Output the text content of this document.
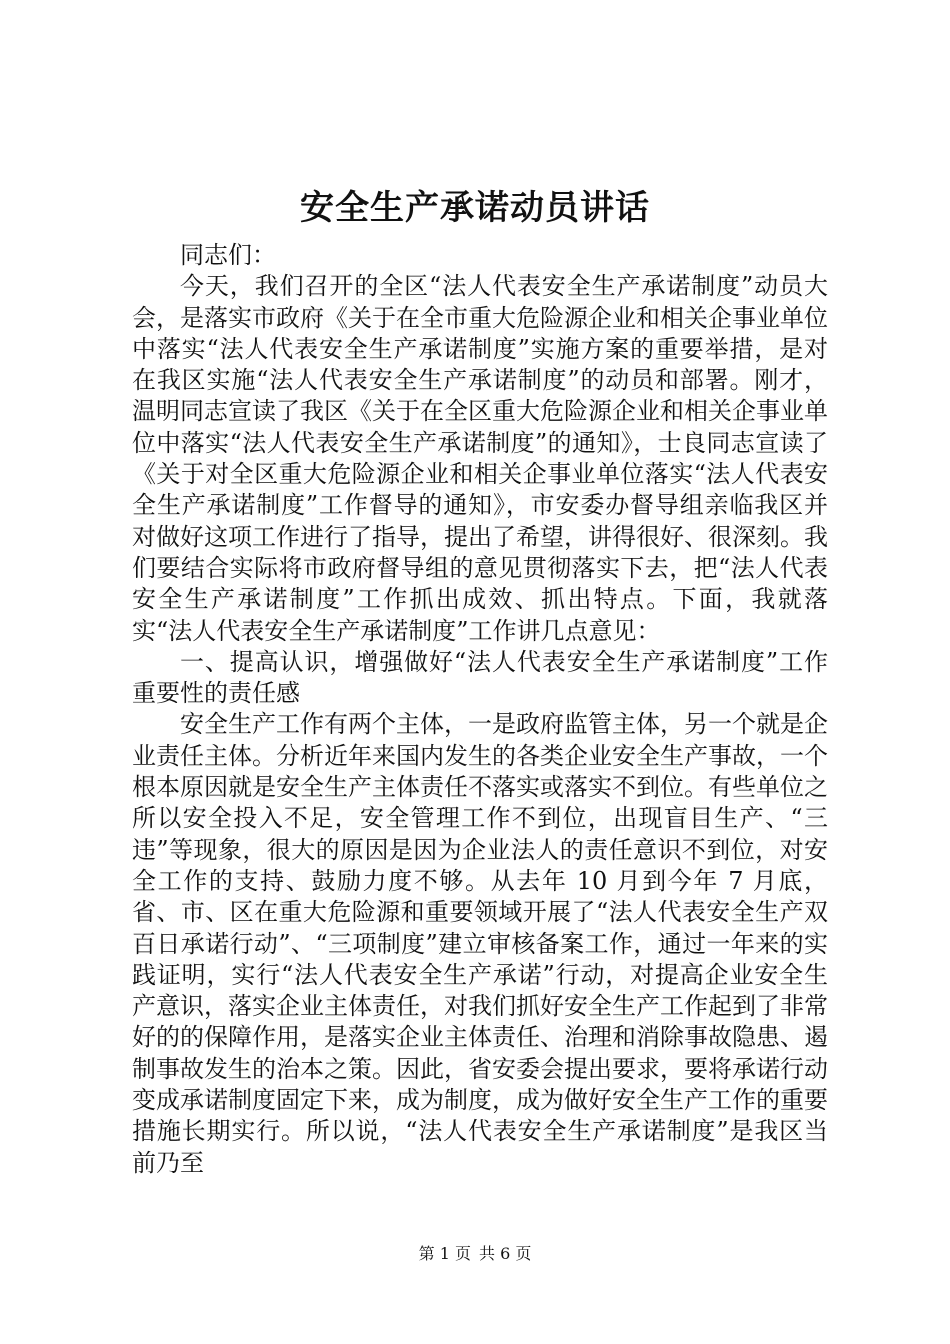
安全生产承诺动员讲话

同志们：

今天，我们召开的全区“法人代表安全生产承诺制度”动员大会，是落实市政府《关于在全市重大危险源企业和相关企事业单位中落实“法人代表安全生产承诺制度”实施方案的重要举措，是对在我区实施“法人代表安全生产承诺制度”的动员和部署。刚才，温明同志宣读了我区《关于在全区重大危险源企业和相关企事业单位中落实“法人代表安全生产承诺制度”的通知》，士良同志宣读了《关于对全区重大危险源企业和相关企事业单位落实“法人代表安全生产承诺制度”工作督导的通知》，市安委办督导组亲临我区并对做好这项工作进行了指导，提出了希望，讲得很好、很深刻。我们要结合实际将市政府督导组的意见贯彻落实下去，把“法人代表安全生产承诺制度”工作抓出成效、抓出特点。下面，我就落实“法人代表安全生产承诺制度”工作讲几点意见：

一、提高认识，增强做好“法人代表安全生产承诺制度”工作重要性的责任感

安全生产工作有两个主体，一是政府监管主体，另一个就是企业责任主体。分析近年来国内发生的各类企业安全生产事故，一个根本原因就是安全生产主体责任不落实或落实不到位。有些单位之所以安全投入不足，安全管理工作不到位，出现盲目生产、“三违”等现象，很大的原因是因为企业法人的责任意识不到位，对安全工作的支持、鼓励力度不够。从去年 10 月到今年 7 月底，省、市、区在重大危险源和重要领域开展了“法人代表安全生产双百日承诺行动”、“三项制度”建立审核备案工作，通过一年来的实践证明，实行“法人代表安全生产承诺”行动，对提高企业安全生产意识，落实企业主体责任，对我们抓好安全生产工作起到了非常好的的保障作用，是落实企业主体责任、治理和消除事故隐患、遏制事故发生的治本之策。因此，省安委会提出要求，要将承诺行动变成承诺制度固定下来，成为制度，成为做好安全生产工作的重要措施长期实行。所以说，“法人代表安全生产承诺制度”是我区当前乃至

第 1 页 共 6 页
